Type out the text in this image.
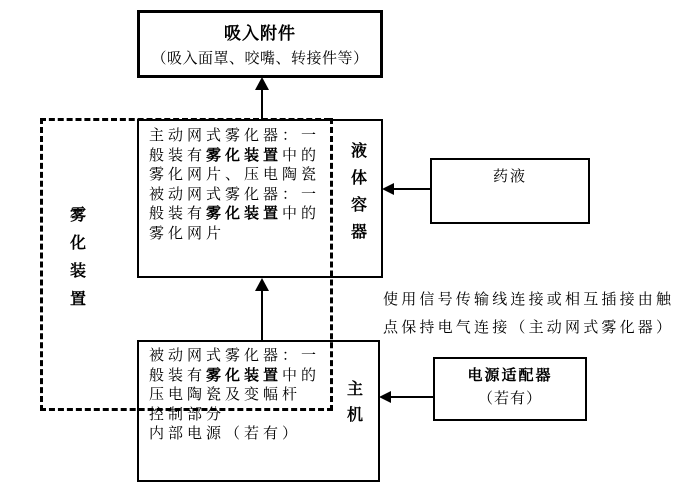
雾化装置
吸入附件
（吸入面罩、咬嘴、转接件等）
主动网式雾化器：一
般装有雾化装置中的
雾化网片、压电陶瓷
被动网式雾化器：一
般装有雾化装置中的
雾化网片
液体容器
被动网式雾化器：一
般装有雾化装置中的
压电陶瓷及变幅杆
控制部分
内部电源（若有）
主机
药液
电源适配器
（若有）
使用信号传输线连接或相互插接由触
点保持电气连接（主动网式雾化器）
